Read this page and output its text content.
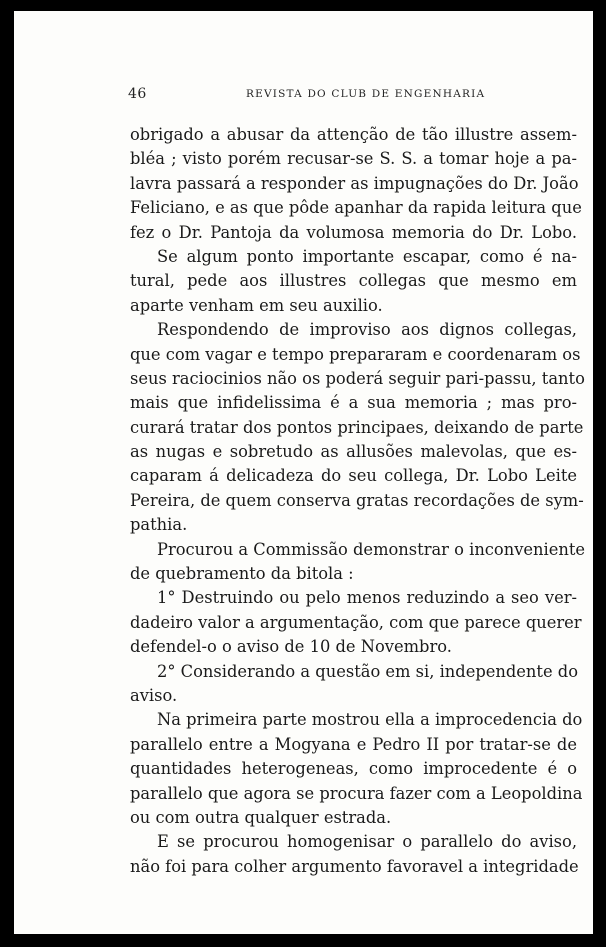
46	REVISTA DO CLUB DE ENGENHARIA
obrigado a abusar da attenção de tão illustre assem-
bléa ; visto porém recusar-se S. S. a tomar hoje a pa-
lavra passará a responder as impugnações do Dr. João
Feliciano, e as que pôde apanhar da rapida leitura que
fez o Dr. Pantoja da volumosa memoria do Dr. Lobo.
Se algum ponto importante escapar, como é na-
tural, pede aos illustres collegas que mesmo em
aparte venham em seu auxilio.
Respondendo de improviso aos dignos collegas,
que com vagar e tempo prepararam e coordenaram os
seus raciocinios não os poderá seguir pari-passu, tanto
mais que infidelissima é a sua memoria ; mas pro-
curará tratar dos pontos principaes, deixando de parte
as nugas e sobretudo as allusões malevolas, que es-
caparam á delicadeza do seu collega, Dr. Lobo Leite
Pereira, de quem conserva gratas recordações de sym-
pathia.
Procurou a Commissão demonstrar o inconveniente
de quebramento da bitola :
1° Destruindo ou pelo menos reduzindo a seo ver-
dadeiro valor a argumentação, com que parece querer
defendel-o o aviso de 10 de Novembro.
2° Considerando a questão em si, independente do
aviso.
Na primeira parte mostrou ella a improcedencia do
parallelo entre a Mogyana e Pedro II por tratar-se de
quantidades heterogeneas, como improcedente é o
parallelo que agora se procura fazer com a Leopoldina
ou com outra qualquer estrada.
E se procurou homogenisar o parallelo do aviso,
não foi para colher argumento favoravel a integridade
